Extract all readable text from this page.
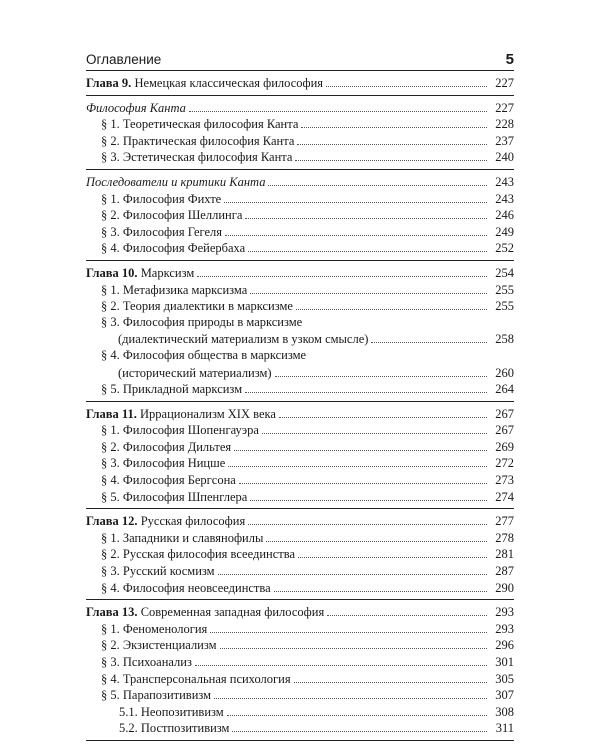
Оглавление	5
Глава 9. Немецкая классическая философия	227
Философия Канта	227
§ 1. Теоретическая философия Канта	228
§ 2. Практическая философия Канта	237
§ 3. Эстетическая философия Канта	240
Последователи и критики Канта	243
§ 1. Философия Фихте	243
§ 2. Философия Шеллинга	246
§ 3. Философия Гегеля	249
§ 4. Философия Фейербаха	252
Глава 10. Марксизм	254
§ 1. Метафизика марксизма	255
§ 2. Теория диалектики в марксизме	255
§ 3. Философия природы в марксизме
(диалектический материализм в узком смысле)	258
§ 4. Философия общества в марксизме
(исторический материализм)	260
§ 5. Прикладной марксизм	264
Глава 11. Иррационализм XIX века	267
§ 1. Философия Шопенгауэра	267
§ 2. Философия Дильтея	269
§ 3. Философия Ницше	272
§ 4. Философия Бергсона	273
§ 5. Философия Шпенглера	274
Глава 12. Русская философия	277
§ 1. Западники и славянофилы	278
§ 2. Русская философия всеединства	281
§ 3. Русский космизм	287
§ 4. Философия неовсеединства	290
Глава 13. Современная западная философия	293
§ 1. Феноменология	293
§ 2. Экзистенциализм	296
§ 3. Психоанализ	301
§ 4. Трансперсональная психология	305
§ 5. Парапозитивизм	307
5.1. Неопозитивизм	308
5.2. Постпозитивизм	311
